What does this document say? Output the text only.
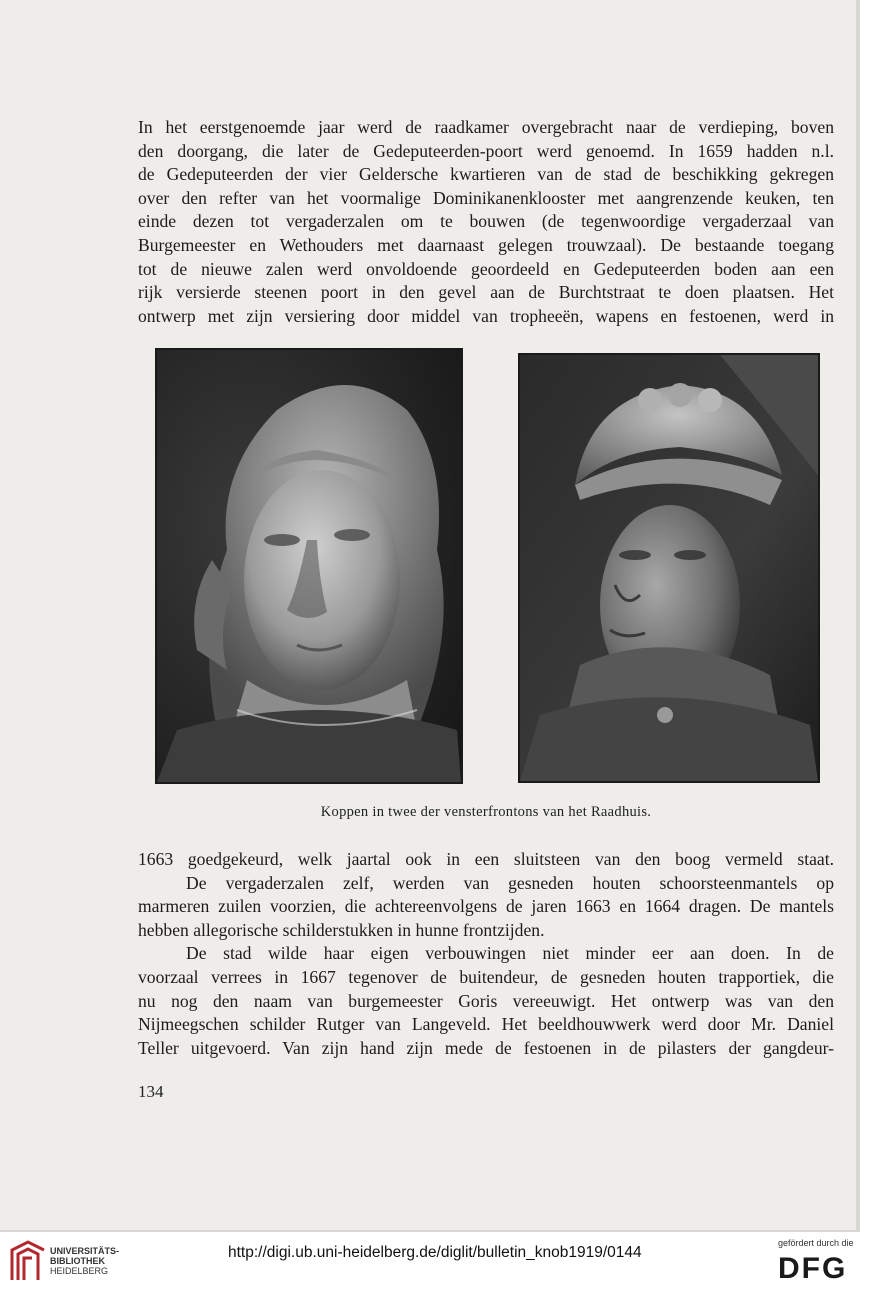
In het eerstgenoemde jaar werd de raadkamer overgebracht naar de verdieping, boven
den doorgang, die later de Gedeputeerden-poort werd genoemd. In 1659 hadden n.l.
de Gedeputeerden der vier Geldersche kwartieren van de stad de beschikking gekregen
over den refter van het voormalige Dominikanenklooster met aangrenzende keuken, ten
einde dezen tot vergaderzalen om te bouwen (de tegenwoordige vergaderzaal van
Burgemeester en Wethouders met daarnaast gelegen trouwzaal). De bestaande toegang
tot de nieuwe zalen werd onvoldoende geoordeeld en Gedeputeerden boden aan een
rijk versierde steenen poort in den gevel aan de Burchtstraat te doen plaatsen. Het
ontwerp met zijn versiering door middel van tropheeën, wapens en festoenen, werd in
Koppen in twee der vensterfrontons van het Raadhuis.
1663 goedgekeurd, welk jaartal ook in een sluitsteen van den boog vermeld staat.
De vergaderzalen zelf, werden van gesneden houten schoorsteenmantels op
marmeren zuilen voorzien, die achtereenvolgens de jaren 1663 en 1664 dragen. De mantels
hebben allegorische schilderstukken in hunne frontzijden.
De stad wilde haar eigen verbouwingen niet minder eer aan doen. In de
voorzaal verrees in 1667 tegenover de buitendeur, de gesneden houten trapportiek, die
nu nog den naam van burgemeester Goris vereeuwigt. Het ontwerp was van den
Nijmeegschen schilder Rutger van Langeveld. Het beeldhouwwerk werd door Mr. Daniel
Teller uitgevoerd. Van zijn hand zijn mede de festoenen in de pilasters der gangdeur-
134
UNIVERSITÄTS-
BIBLIOTHEK
HEIDELBERG
http://digi.ub.uni-heidelberg.de/diglit/bulletin_knob1919/0144
gefördert durch die
DFG
